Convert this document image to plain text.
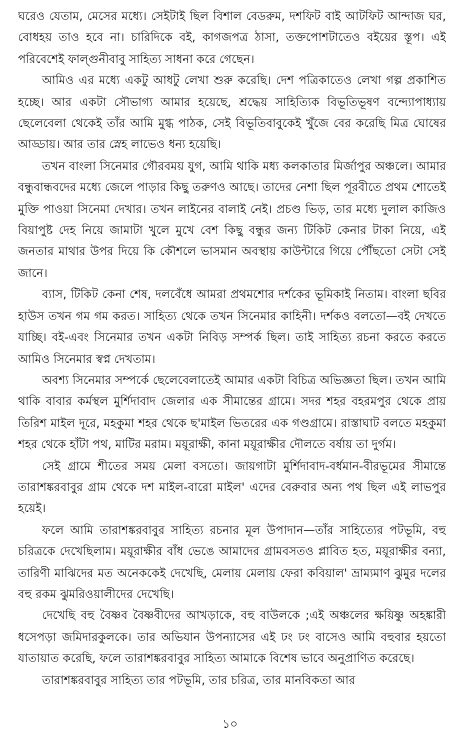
ঘরেও যেতাম, মেসের মধ্যে। সেইটাই ছিল বিশাল বেডরুম, দশফিট বাই আটফিট আন্দাজ ঘর, বোধহয় তাও হবে না। চারিদিকে বই, কাগজপত্র ঠাসা, তক্তপোশটাতেও বইয়ের স্তূপ। এই পরিবেশেই ফাল্গুনীবাবু সাহিত্য সাধনা করে গেছেন।

আমিও এর মধ্যে একটু আধটু লেখা শুরু করেছি। দেশ পত্রিকাতেও লেখা গল্প প্রকাশিত হচ্ছে। আর একটা সৌভাগ্য আমার হয়েছে, শ্রদ্ধেয় সাহিত্যিক বিভূতিভূষণ বন্দ্যোপাধ্যায় ছেলেবেলা থেকেই তাঁর আমি মুগ্ধ পাঠক, সেই বিভূতিবাবুকেই খুঁজে বের করেছি মিত্র ঘোষের আড্ডায়। আর তার স্নেহ লাভেও ধন্য হয়েছি।

তখন বাংলা সিনেমার গৌরবময় যুগ, আমি থাকি মধ্য কলকাতার মির্জাপুর অঞ্চলে। আমার বন্ধুবান্ধবদের মধ্যে জেলে পাড়ার কিছু তরুণও আছে। তাদের নেশা ছিল পূরবীতে প্রথম শোতেই মুক্তি পাওয়া সিনেমা দেখার। তখন লাইনের বালাই নেই। প্রচণ্ড ভিড়, তার মধ্যে দুলাল কাজিও বিয়াপুষ্ট দেহ নিয়ে জামাটা খুলে মুখে বেশ কিছু বন্ধুর জন্য টিকিট কেনার টাকা নিয়ে, এই জনতার মাথার উপর দিয়ে কি কৌশলে ভাসমান অবস্থায় কাউন্টারে গিয়ে পৌঁছতো সেটা সেই জানে।

ব্যাস, টিকিট কেনা শেষ, দলবেঁধে আমরা প্রথমশোর দর্শকের ভূমিকাই নিতাম। বাংলা ছবির হাউস তখন গম গম করত। সাহিত্য থেকে তখন সিনেমার কাহিনী। দর্শকও বলতো—বই দেখতে যাচ্ছি। বই-এবং সিনেমার তখন একটা নিবিড় সম্পর্ক ছিল। তাই সাহিত্য রচনা করতে করতে আমিও সিনেমার স্বপ্ন দেখতাম।

অবশ্য সিনেমার সম্পর্কে ছেলেবেলাতেই আমার একটা বিচিত্র অভিজ্ঞতা ছিল। তখন আমি থাকি বাবার কর্মস্থল মুর্শিদাবাদ জেলার এক সীমান্তের গ্রামে। সদর শহর বহরমপুর থেকে প্রায় তিরিশ মাইল দূরে, মহকুমা শহর থেকে ছ'মাইল ভিতরের এক গণ্ডগ্রামে। রাস্তাঘাট বলতে মহকুমা শহর থেকে হাঁটা পথ, মাটির মরাম। ময়ূরাক্ষী, কানা ময়ূরাক্ষীর দৌলতে বর্ষায় তা দুর্গম।

সেই গ্রামে শীতের সময় মেলা বসতো। জায়গাটা মুর্শিদাবাদ-বর্ধমান-বীরভূমের সীমান্তে তারাশঙ্করবাবুর গ্রাম থেকে দশ মাইল-বারো মাইল' এদের বেরুবার অন্য পথ ছিল এই লাভপুর হয়েই।

ফলে আমি তারাশঙ্করবাবুর সাহিত্য রচনার মূল উপাদান—তাঁর সাহিত্যের পটভূমি, বহু চরিত্রকে দেখেছিলাম। ময়ূরাক্ষীর বাঁধ ভেঙে আমাদের গ্রামবসতও প্লাবিত হত, ময়ূরাক্ষীর বন্যা, তারিণী মাঝিদের মত অনেককেই দেখেছি, মেলায় মেলায় ফেরা কবিয়াল' ভ্রাম্যমাণ ঝুমুর দলের বহু রকম ঝুমরিওয়ালীদের দেখেছি।

দেখেছি বহু বৈষ্ণব বৈষ্ণবীদের আখড়াকে, বহু বাউলকে ;এই অঞ্চলের ক্ষয়িষ্ণু অহঙ্কারী ধসেপড়া জমিদারকুলকে। তার অভিযান উপন্যাসের এই ঢং ঢং বাসেও আমি বহুবার হয়তো যাতায়াত করেছি, ফলে তারাশঙ্করবাবুর সাহিত্য আমাকে বিশেষ ভাবে অনুপ্রাণিত করেছে।

তারাশঙ্করবাবুর সাহিত্য তার পটভূমি, তার চরিত্র, তার মানবিকতা আর

১০
